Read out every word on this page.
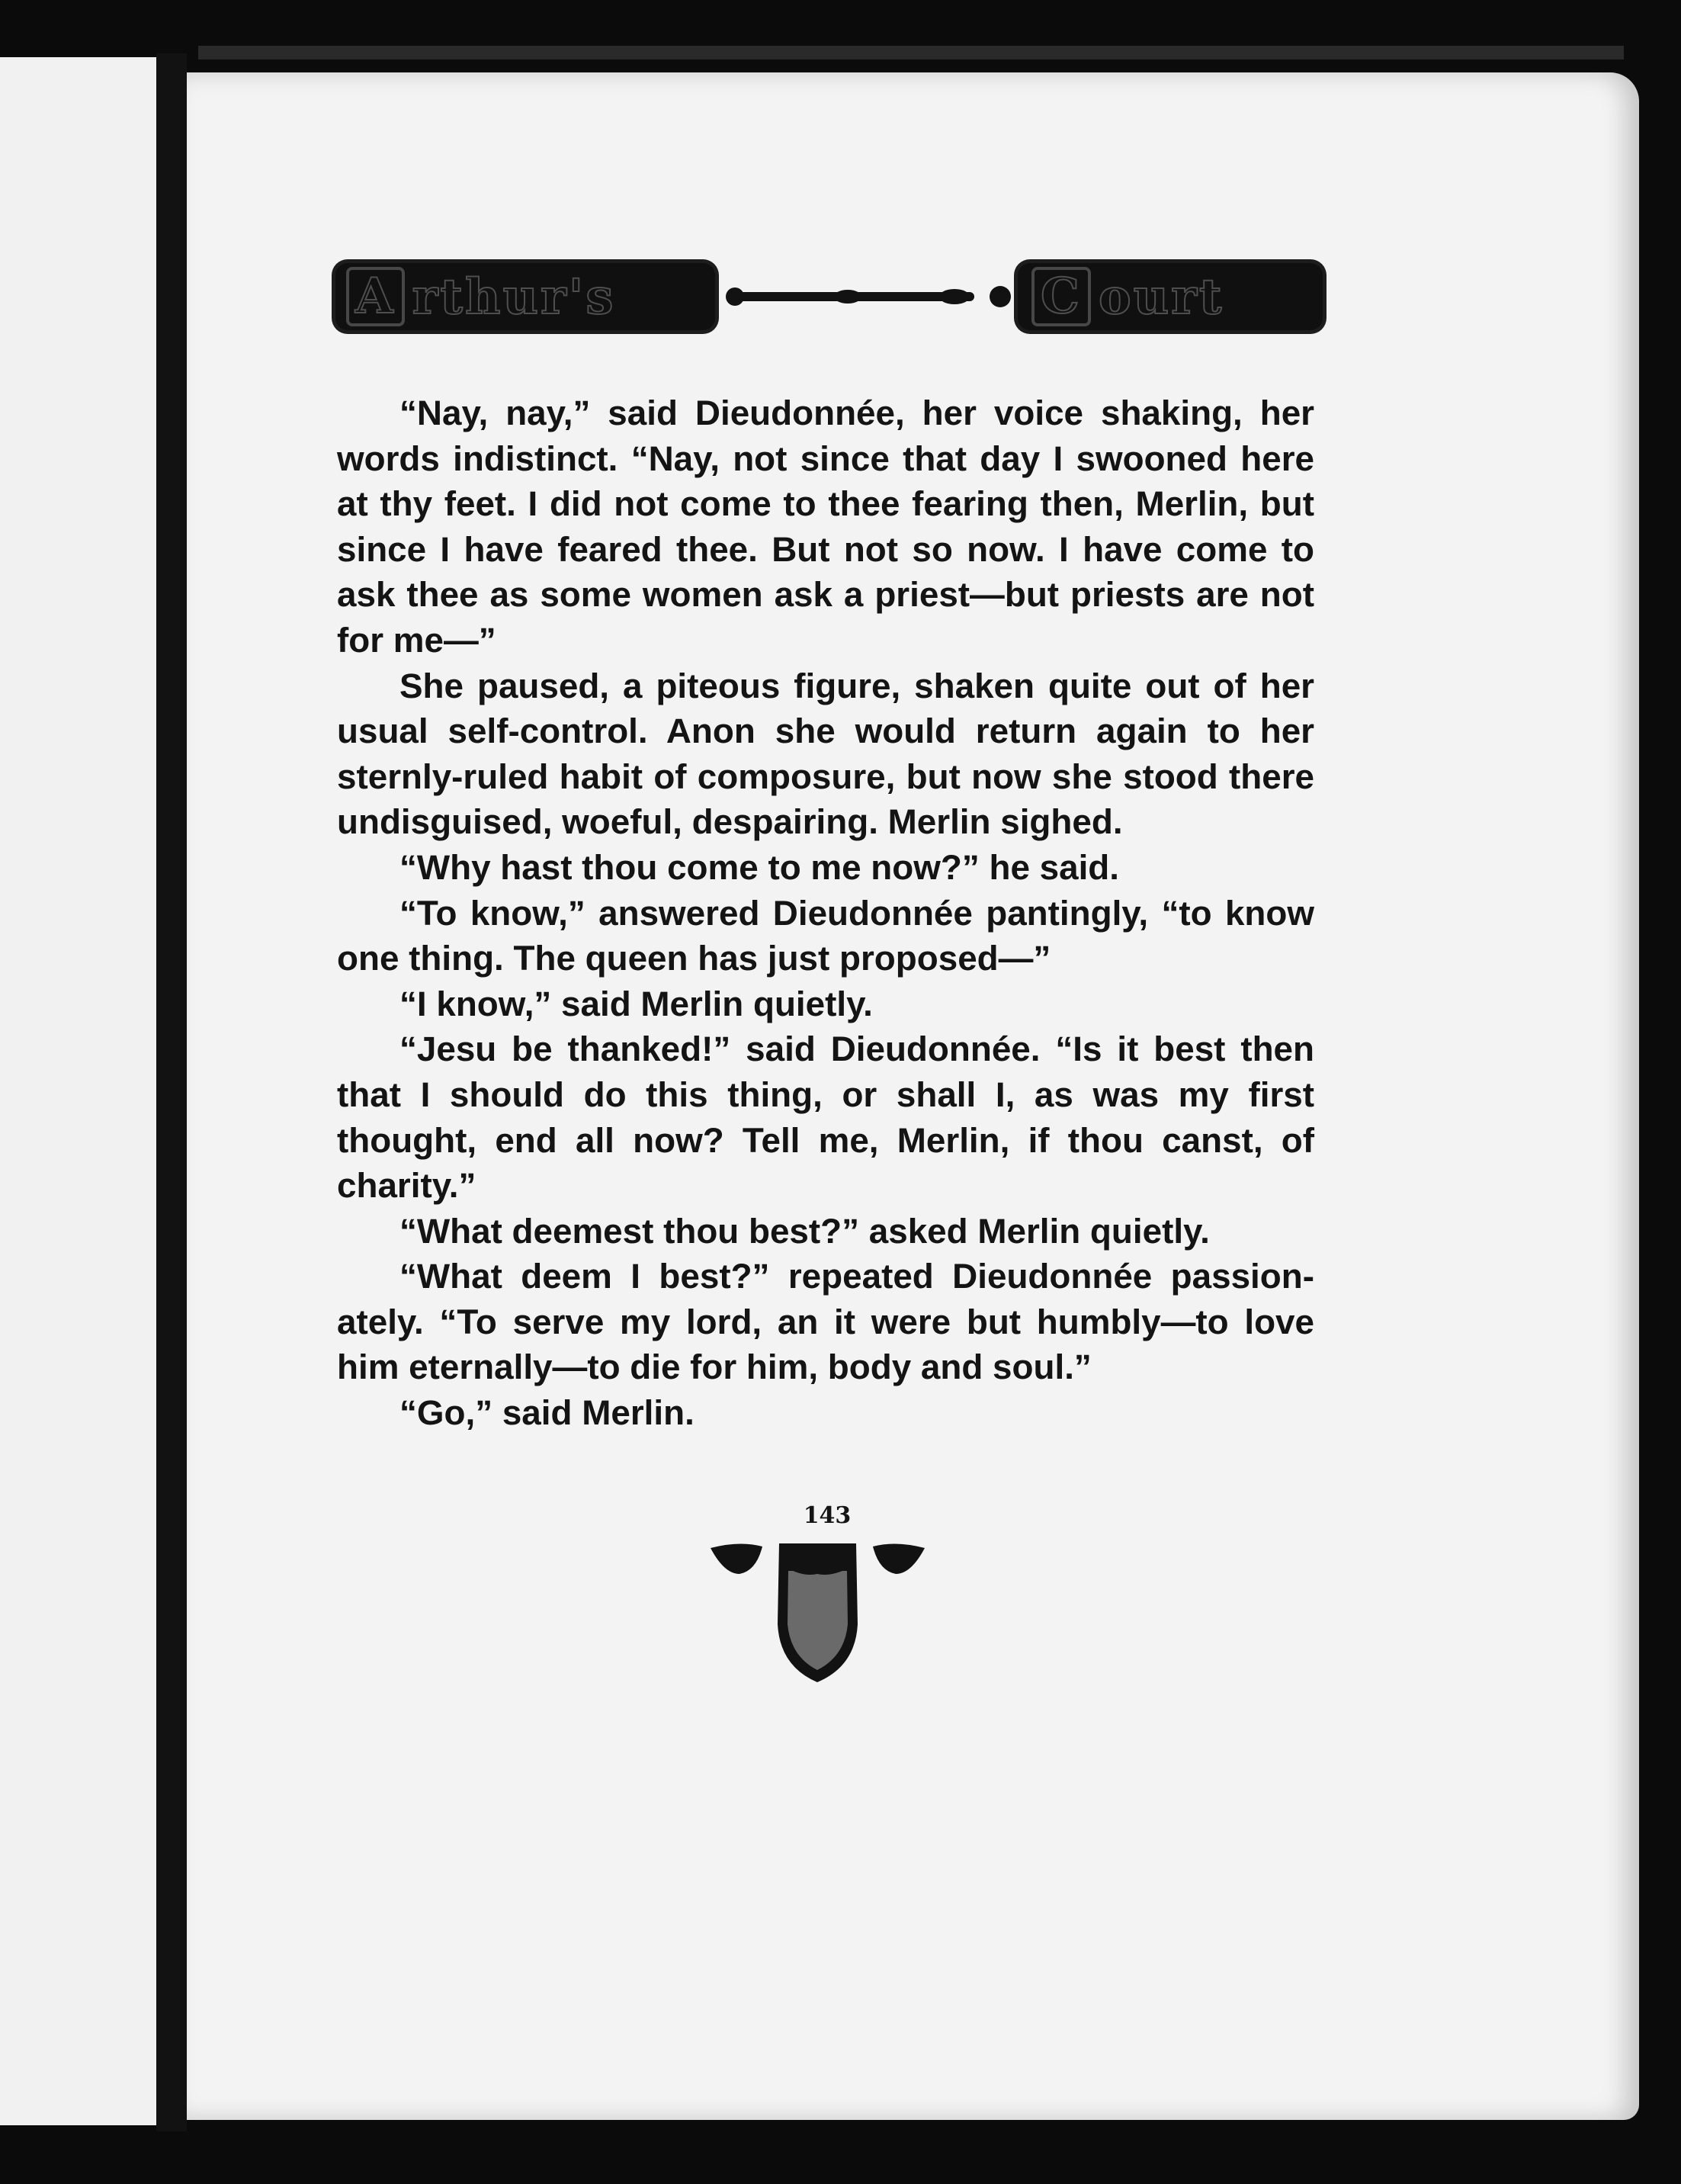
A rthur's	C ourt

“Nay, nay,” said Dieudonnée, her voice shaking, her words indistinct. “Nay, not since that day I swooned here at thy feet. I did not come to thee fearing then, Merlin, but since I have feared thee. But not so now. I have come to ask thee as some women ask a priest—but priests are not for me—”

She paused, a piteous figure, shaken quite out of her usual self-control. Anon she would return again to her sternly-ruled habit of composure, but now she stood there undisguised, woeful, despairing. Merlin sighed.

“Why hast thou come to me now?” he said.

“To know,” answered Dieudonnée pantingly, “to know one thing. The queen has just proposed—”

“I know,” said Merlin quietly.

“Jesu be thanked!” said Dieudonnée. “Is it best then that I should do this thing, or shall I, as was my first thought, end all now? Tell me, Merlin, if thou canst, of charity.”

“What deemest thou best?” asked Merlin quietly.

“What deem I best?” repeated Dieudonnée passionately. “To serve my lord, an it were but humbly—to love him eternally—to die for him, body and soul.”

“Go,” said Merlin.

143
